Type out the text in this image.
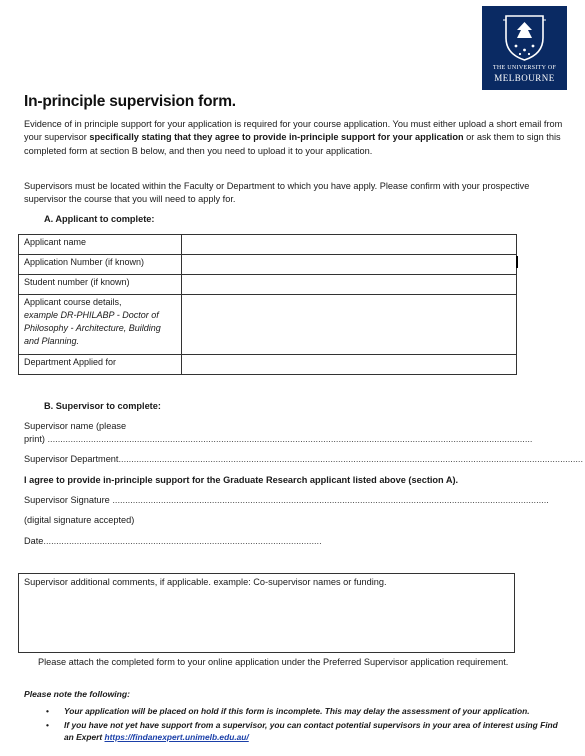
THE UNIVERSITY OF
MELBOURNE
In-principle supervision form.

Evidence of in principle support for your application is required for your course application. You must either upload a short email from your supervisor specifically stating that they agree to provide in-principle support for your application or ask them to sign this completed form at section B below, and then you need to upload it to your application.

Supervisors must be located within the Faculty or Department to which you have apply. Please confirm with your prospective supervisor the course that you will need to apply for.

A. Applicant to complete:

Applicant name	
Application Number (if known)	
Student number (if known)	
Applicant course details,
example DR-PHILABP - Doctor of Philosophy - Architecture, Building and Planning.	
Department Applied for	

B. Supervisor to complete:

Supervisor name (please
print) ..............................................................................................................................................................................................
Supervisor Department......................................................................................................................................................................................
I agree to provide in-principle support for the Graduate Research applicant listed above (section A).
Supervisor Signature ...........................................................................................................................................................................
(digital signature accepted)
Date.............................................................................................................
Supervisor additional comments, if applicable. example: Co-supervisor names or funding.

Please attach the completed form to your online application under the Preferred Supervisor application requirement.

Please note the following:
• Your application will be placed on hold if this form is incomplete. This may delay the assessment of your application.
• If you have not yet have support from a supervisor, you can contact potential supervisors in your area of interest using Find an Expert https://findanexpert.unimelb.edu.au/
